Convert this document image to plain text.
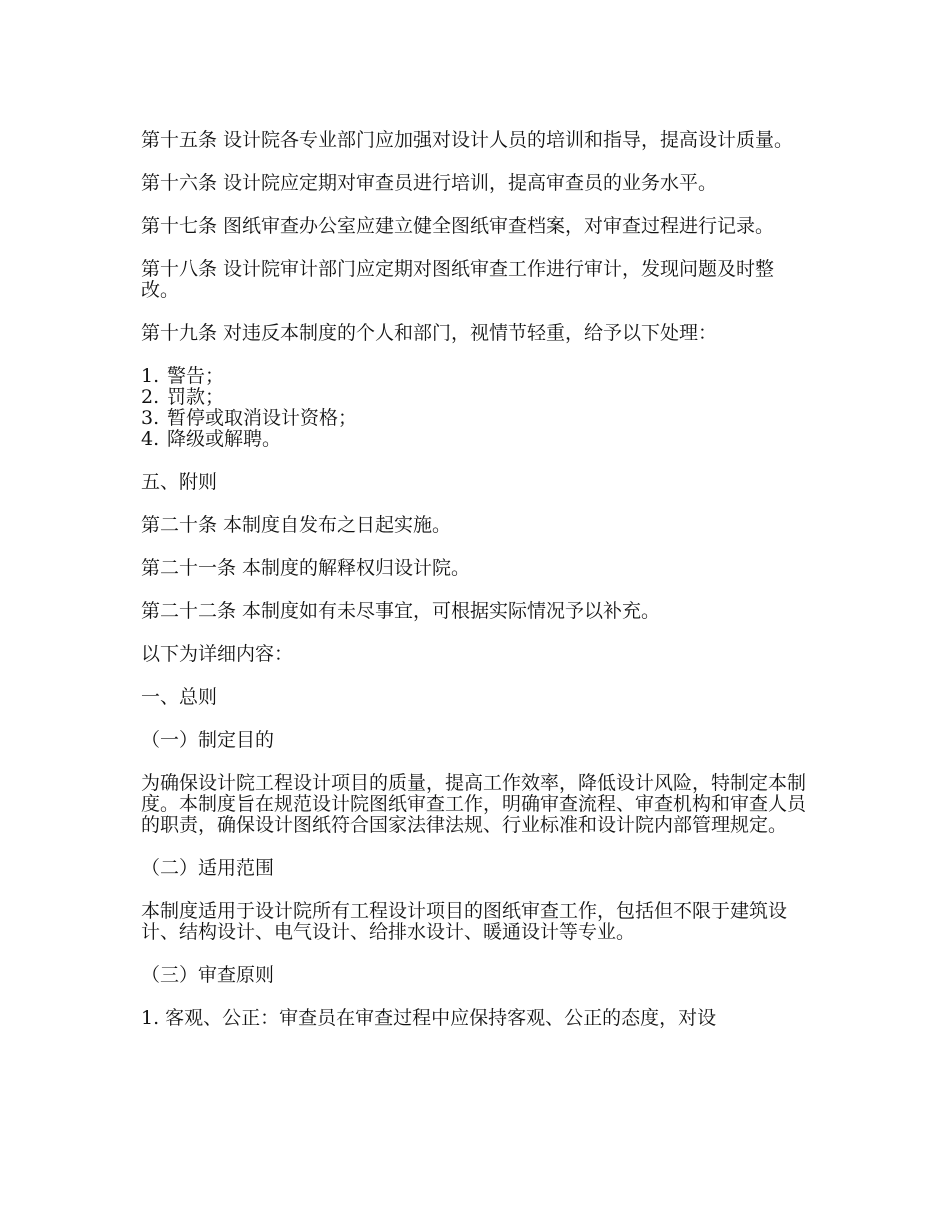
第十五条 设计院各专业部门应加强对设计人员的培训和指导，提高设计质量。

第十六条 设计院应定期对审查员进行培训，提高审查员的业务水平。

第十七条 图纸审查办公室应建立健全图纸审查档案，对审查过程进行记录。

第十八条 设计院审计部门应定期对图纸审查工作进行审计，发现问题及时整改。

第十九条 对违反本制度的个人和部门，视情节轻重，给予以下处理：

1. 警告；
2. 罚款；
3. 暂停或取消设计资格；
4. 降级或解聘。

五、附则

第二十条 本制度自发布之日起实施。

第二十一条 本制度的解释权归设计院。

第二十二条 本制度如有未尽事宜，可根据实际情况予以补充。

以下为详细内容：

一、总则

（一）制定目的

为确保设计院工程设计项目的质量，提高工作效率，降低设计风险，特制定本制度。本制度旨在规范设计院图纸审查工作，明确审查流程、审查机构和审查人员的职责，确保设计图纸符合国家法律法规、行业标准和设计院内部管理规定。

（二）适用范围

本制度适用于设计院所有工程设计项目的图纸审查工作，包括但不限于建筑设计、结构设计、电气设计、给排水设计、暖通设计等专业。

（三）审查原则

1. 客观、公正：审查员在审查过程中应保持客观、公正的态度，对设
